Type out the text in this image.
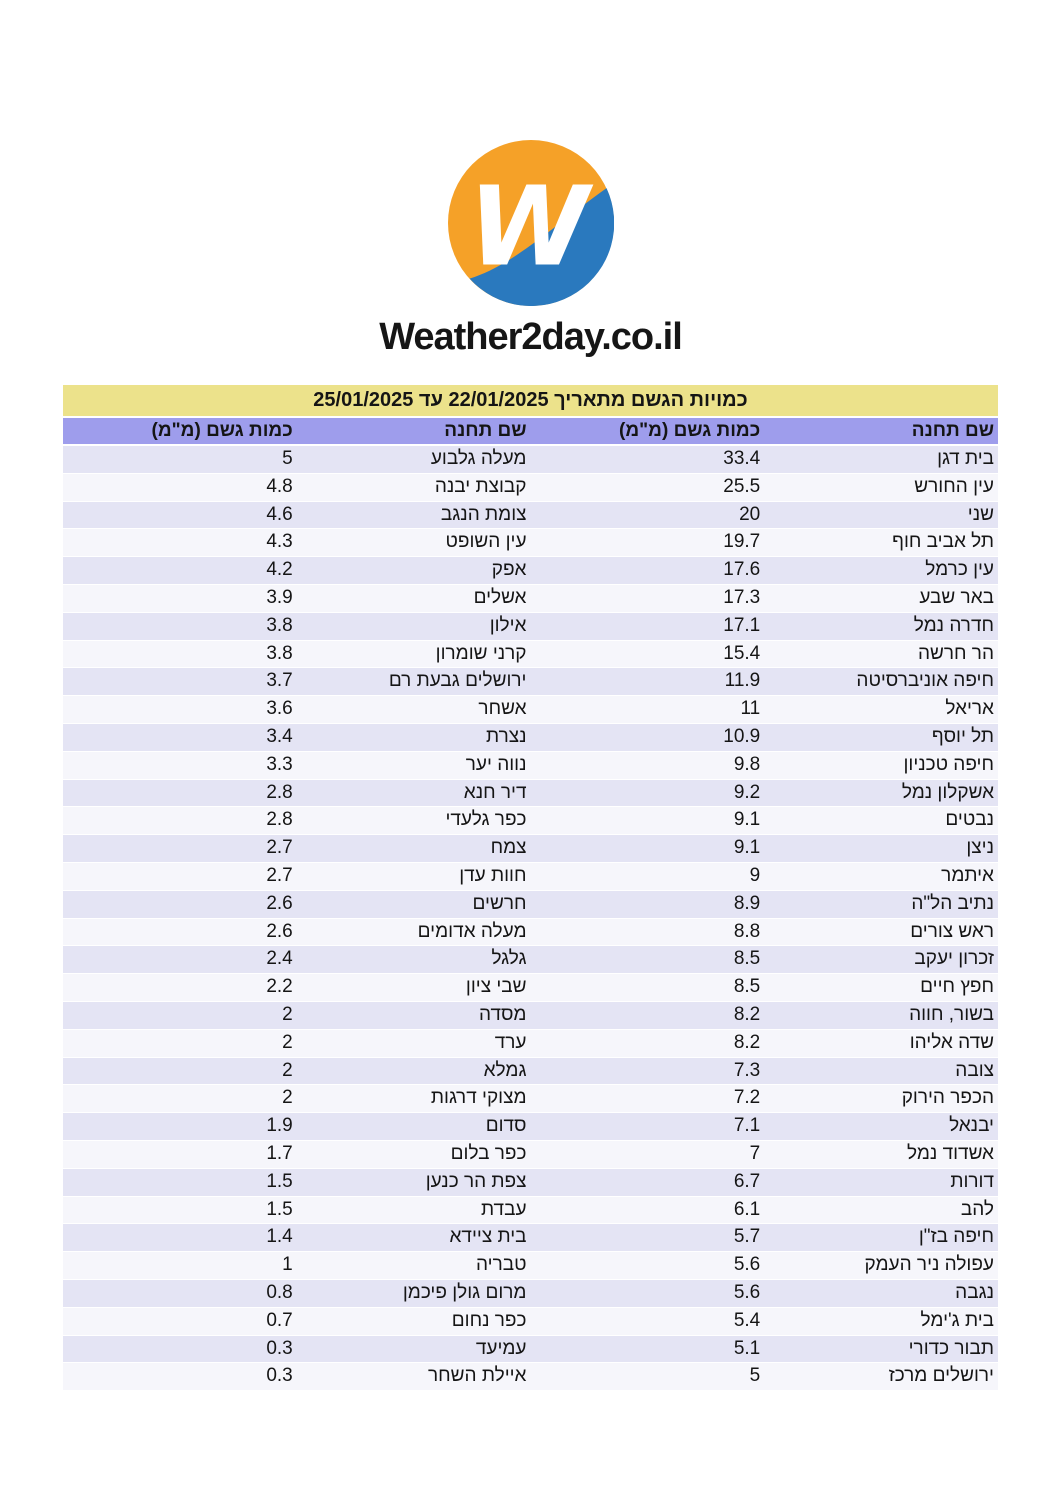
W
Weather2day.co.il
כמויות הגשם מתאריך 22/01/2025 עד 25/01/2025
שם תחנה
כמות גשם (מ"מ)
שם תחנה
כמות גשם (מ"מ)
בית דגן
33.4
מעלה גלבוע
5
עין החורש
25.5
קבוצת יבנה
4.8
שני
20
צומת הנגב
4.6
תל אביב חוף
19.7
עין השופט
4.3
עין כרמל
17.6
אפק
4.2
באר שבע
17.3
אשלים
3.9
חדרה נמל
17.1
אילון
3.8
הר חרשה
15.4
קרני שומרון
3.8
חיפה אוניברסיטה
11.9
ירושלים גבעת רם
3.7
אריאל
11
אשחר
3.6
תל יוסף
10.9
נצרת
3.4
חיפה טכניון
9.8
נווה יער
3.3
אשקלון נמל
9.2
דיר חנא
2.8
נבטים
9.1
כפר גלעדי
2.8
ניצן
9.1
צמח
2.7
איתמר
9
חוות עדן
2.7
נתיב הל"ה
8.9
חרשים
2.6
ראש צורים
8.8
מעלה אדומים
2.6
זכרון יעקב
8.5
גלגל
2.4
חפץ חיים
8.5
שבי ציון
2.2
בשור, חווה
8.2
מסדה
2
שדה אליהו
8.2
ערד
2
צובה
7.3
גמלא
2
הכפר הירוק
7.2
מצוקי דרגות
2
יבנאל
7.1
סדום
1.9
אשדוד נמל
7
כפר בלום
1.7
דורות
6.7
צפת הר כנען
1.5
להב
6.1
עבדת
1.5
חיפה בז"ן
5.7
בית ציידא
1.4
עפולה ניר העמק
5.6
טבריה
1
נגבה
5.6
מרום גולן פיכמן
0.8
בית ג'ימל
5.4
כפר נחום
0.7
תבור כדורי
5.1
עמיעד
0.3
ירושלים מרכז
5
איילת השחר
0.3
